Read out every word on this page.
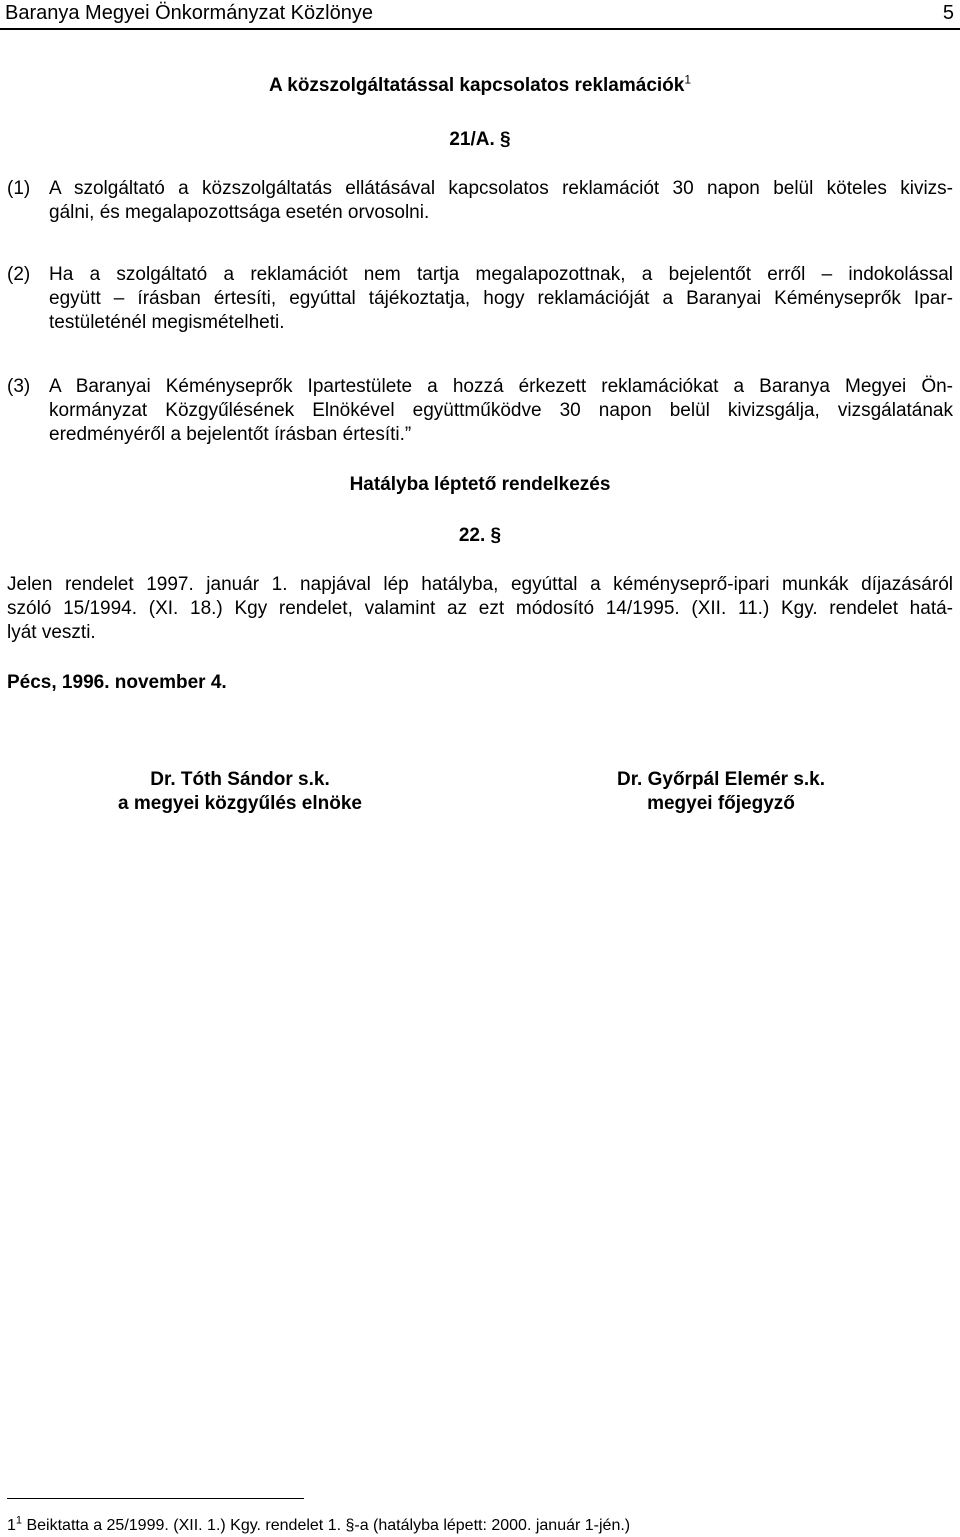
Baranya Megyei Önkormányzat Közlönye	5
A közszolgáltatással kapcsolatos reklamációk$^1$
21/A. §
(1) A szolgáltató a közszolgáltatás ellátásával kapcsolatos reklamációt 30 napon belül köteles kivizs-
gálni, és megalapozottsága esetén orvosolni.
(2) Ha a szolgáltató a reklamációt nem tartja megalapozottnak, a bejelentőt erről – indokolással
együtt – írásban értesíti, egyúttal tájékoztatja, hogy reklamációját a Baranyai Kéményseprők Ipar-
testületénél megismételheti.
(3) A Baranyai Kéményseprők Ipartestülete a hozzá érkezett reklamációkat a Baranya Megyei Ön-
kormányzat Közgyűlésének Elnökével együttműködve 30 napon belül kivizsgálja, vizsgálatának
eredményéről a bejelentőt írásban értesíti.”
Hatályba léptető rendelkezés
22. §
Jelen rendelet 1997. január 1. napjával lép hatályba, egyúttal a kéményseprő-ipari munkák díjazásáról
szóló 15/1994. (XI. 18.) Kgy rendelet, valamint az ezt módosító 14/1995. (XII. 11.) Kgy. rendelet hatá-
lyát veszti.
Pécs, 1996. november 4.
Dr. Tóth Sándor s.k.
a megyei közgyűlés elnöke
Dr. Győrpál Elemér s.k.
megyei főjegyző
$1^1$ Beiktatta a 25/1999. (XII. 1.) Kgy. rendelet 1. §-a (hatályba lépett: 2000. január 1-jén.)
